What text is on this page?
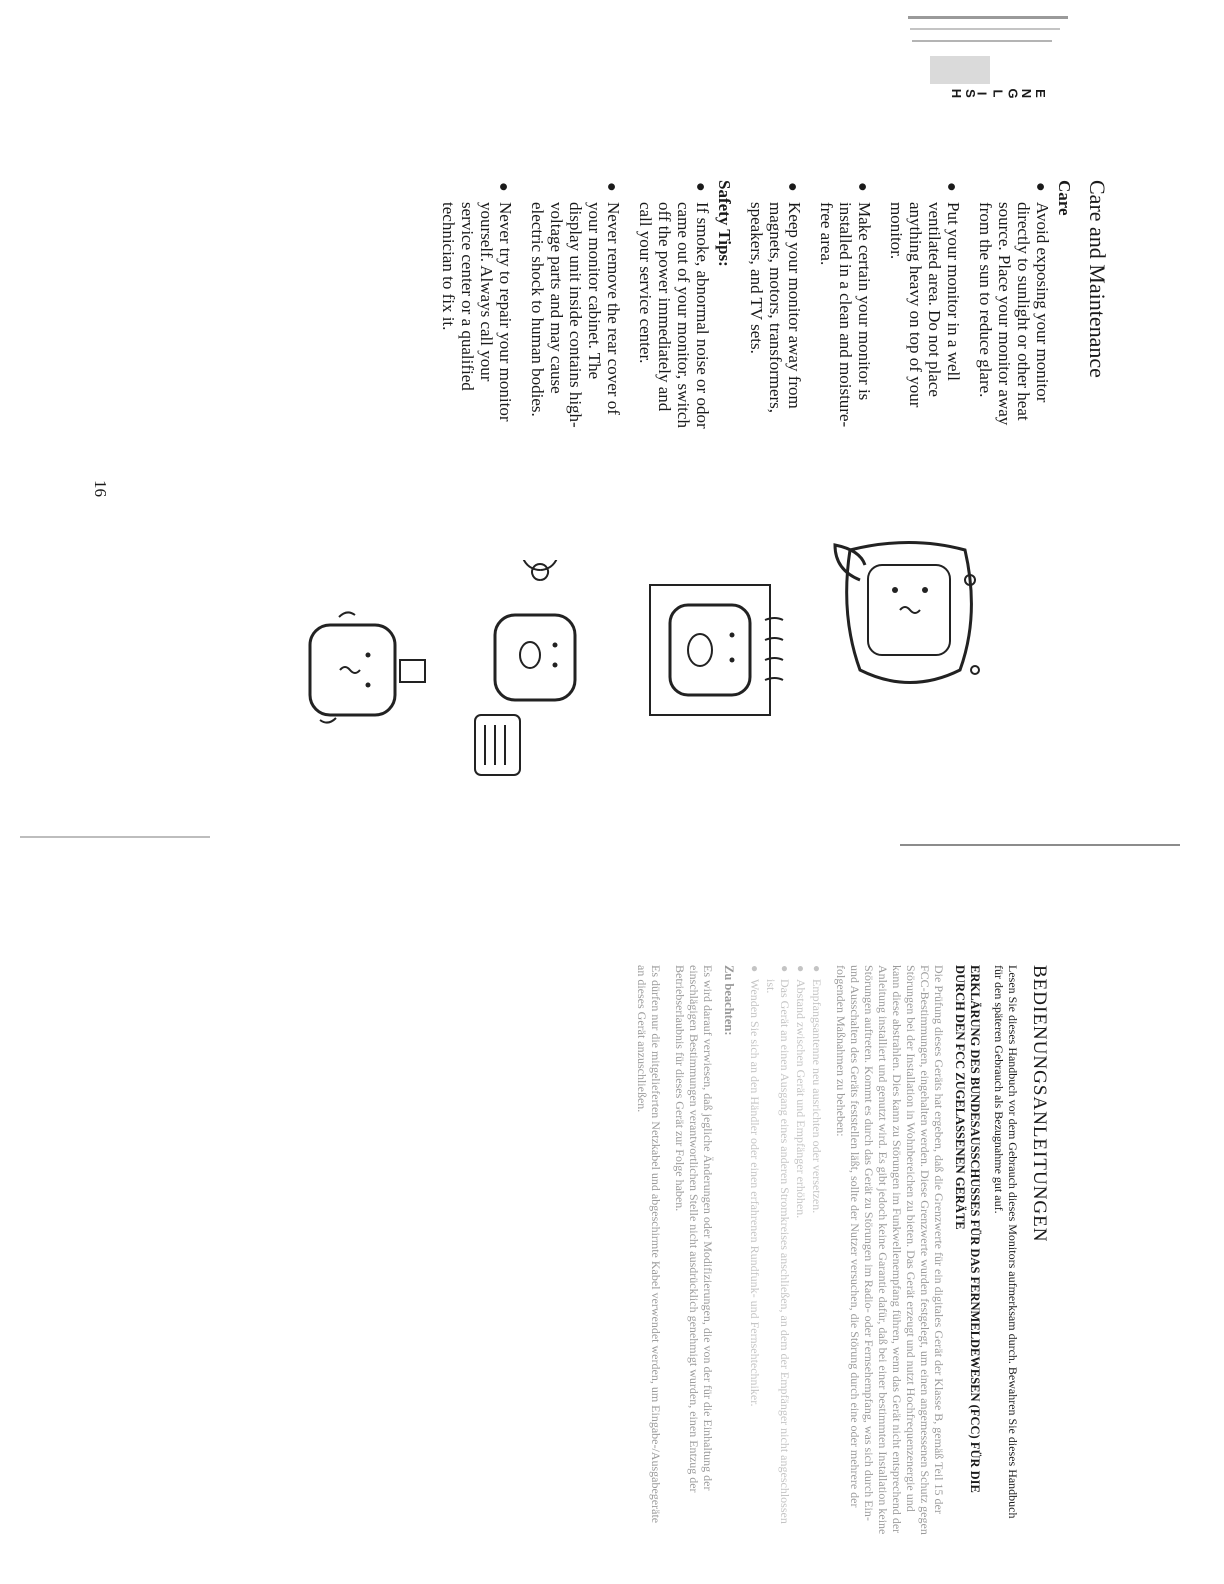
E
N
G
L
I
S
H
Care and Maintenance
Care
●
Avoid exposing your monitor
directly to sunlight or other heat
source. Place your monitor away
from the sun to reduce glare.
●
Put your monitor in a well
ventilated area. Do not place
anything heavy on top of your
monitor.
●
Make certain your monitor is
installed in a clean and moisture-
free area.
●
Keep your monitor away from
magnets, motors, transformers,
speakers, and TV sets.
Safety Tips:
●
If smoke, abnormal noise or odor
came out of your monitor, switch
off the power immediately and
call your service center.
●
Never remove the rear cover of
your monitor cabinet. The
display unit inside contains high-
voltage parts and may cause
electric shock to human bodies.
●
Never try to repair your monitor
yourself. Always call your
service center or a qualified
technician to fix it.
16
BEDIENUNGSANLEITUNGEN

Lesen Sie dieses Handbuch vor dem Gebrauch dieses Monitors aufmerksam durch. Bewahren Sie dieses Handbuch für den späteren Gebrauch als Bezugnahme gut auf.

ERKLÄRUNG DES BUNDESAUSSCHUSSES FÜR DAS FERNMELDEWESEN (FCC) FÜR DIE DURCH DEN FCC ZUGELASSENEN GERÄTE

Die Prüfung dieses Geräts hat ergeben, daß die Grenzwerte für ein digitales Gerät der Klasse B, gemäß Teil 15 der FCC-Bestimmungen, eingehalten werden. Diese Grenzwerte wurden festgelegt, um einen angemessenen Schutz gegen Störungen bei der Installation in Wohnbereichen zu bieten. Das Gerät erzeugt und nutzt Hochfrequenzenergie und kann diese abstrahlen. Dies kann zu Störungen im Funkwellenempfang führen, wenn das Gerät nicht entsprechend der Anleitung installiert und genutzt wird. Es gibt jedoch keine Garantie dafür, daß bei einer bestimmten Installation keine Störungen auftreten. Kommt es durch das Gerät zu Störungen im Radio- oder Fernsehempfang, was sich durch Ein- und Ausschalten des Geräts feststellen läßt, sollte der Nutzer versuchen, die Störung durch eine oder mehrere der folgenden Maßnahmen zu beheben:

●
Empfangsantenne neu ausrichten oder versetzen.
●
Abstand zwischen Gerät und Empfänger erhöhen.
●
Das Gerät an einen Ausgang eines anderen Stromkreises anschließen, an dem der Empfänger nicht angeschlossen ist.
●
Wenden Sie sich an den Händler oder einen erfahrenen Rundfunk- und Fernsehtechniker.
Zu beachten:

Es wird darauf verwiesen, daß jegliche Änderungen oder Modifizierungen, die von der für die Einhaltung der einschlägigen Bestimmungen verantwortlichen Stelle nicht ausdrücklich genehmigt wurden, einen Entzug der Betriebserlaubnis für dieses Gerät zur Folge haben.

Es dürfen nur die mitgelieferten Netzkabel und abgeschirmte Kabel verwendet werden, um Eingabe-/Ausgabegeräte an dieses Gerät anzuschließen.
